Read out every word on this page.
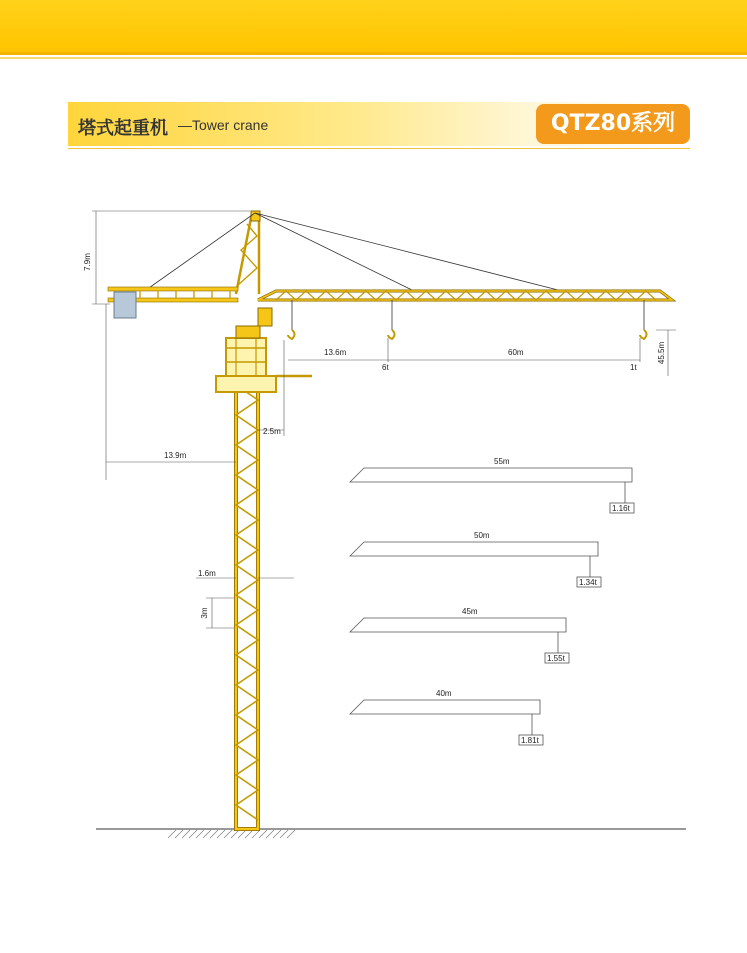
塔式起重机 —Tower crane	QTZ80系列
7.9m
13.9m
2.5m
13.6m	60m
6t	1t
45.5m
1.6m
3m
55m
1.16t
50m
1.34t
45m
1.55t
40m
1.81t
